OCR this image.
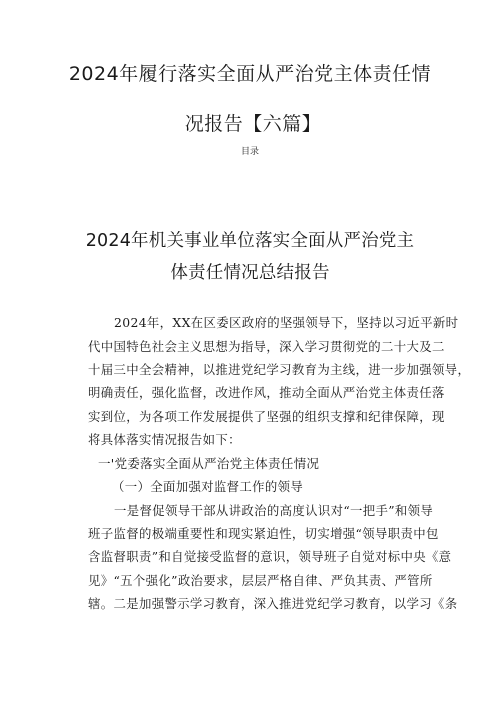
2024年履行落实全面从严治党主体责任情
况报告【六篇】
目录
2024年机关事业单位落实全面从严治党主
体责任情况总结报告
2024年，XX在区委区政府的坚强领导下，坚持以习近平新时
代中国特色社会主义思想为指导，深入学习贯彻党的二十大及二
十届三中全会精神，以推进党纪学习教育为主线，进一步加强领导，
明确责任，强化监督，改进作风，推动全面从严治党主体责任落
实到位，为各项工作发展提供了坚强的组织支撑和纪律保障，现
将具体落实情况报告如下：
一'党委落实全面从严治党主体责任情况
（一）全面加强对监督工作的领导
一是督促领导干部从讲政治的高度认识对“一把手”和领导
班子监督的极端重要性和现实紧迫性，切实增强“领导职责中包
含监督职责”和自觉接受监督的意识，领导班子自觉对标中央《意
见》“五个强化”政治要求，层层严格自律、严负其责、严管所
辖。二是加强警示学习教育，深入推进党纪学习教育，以学习《条
